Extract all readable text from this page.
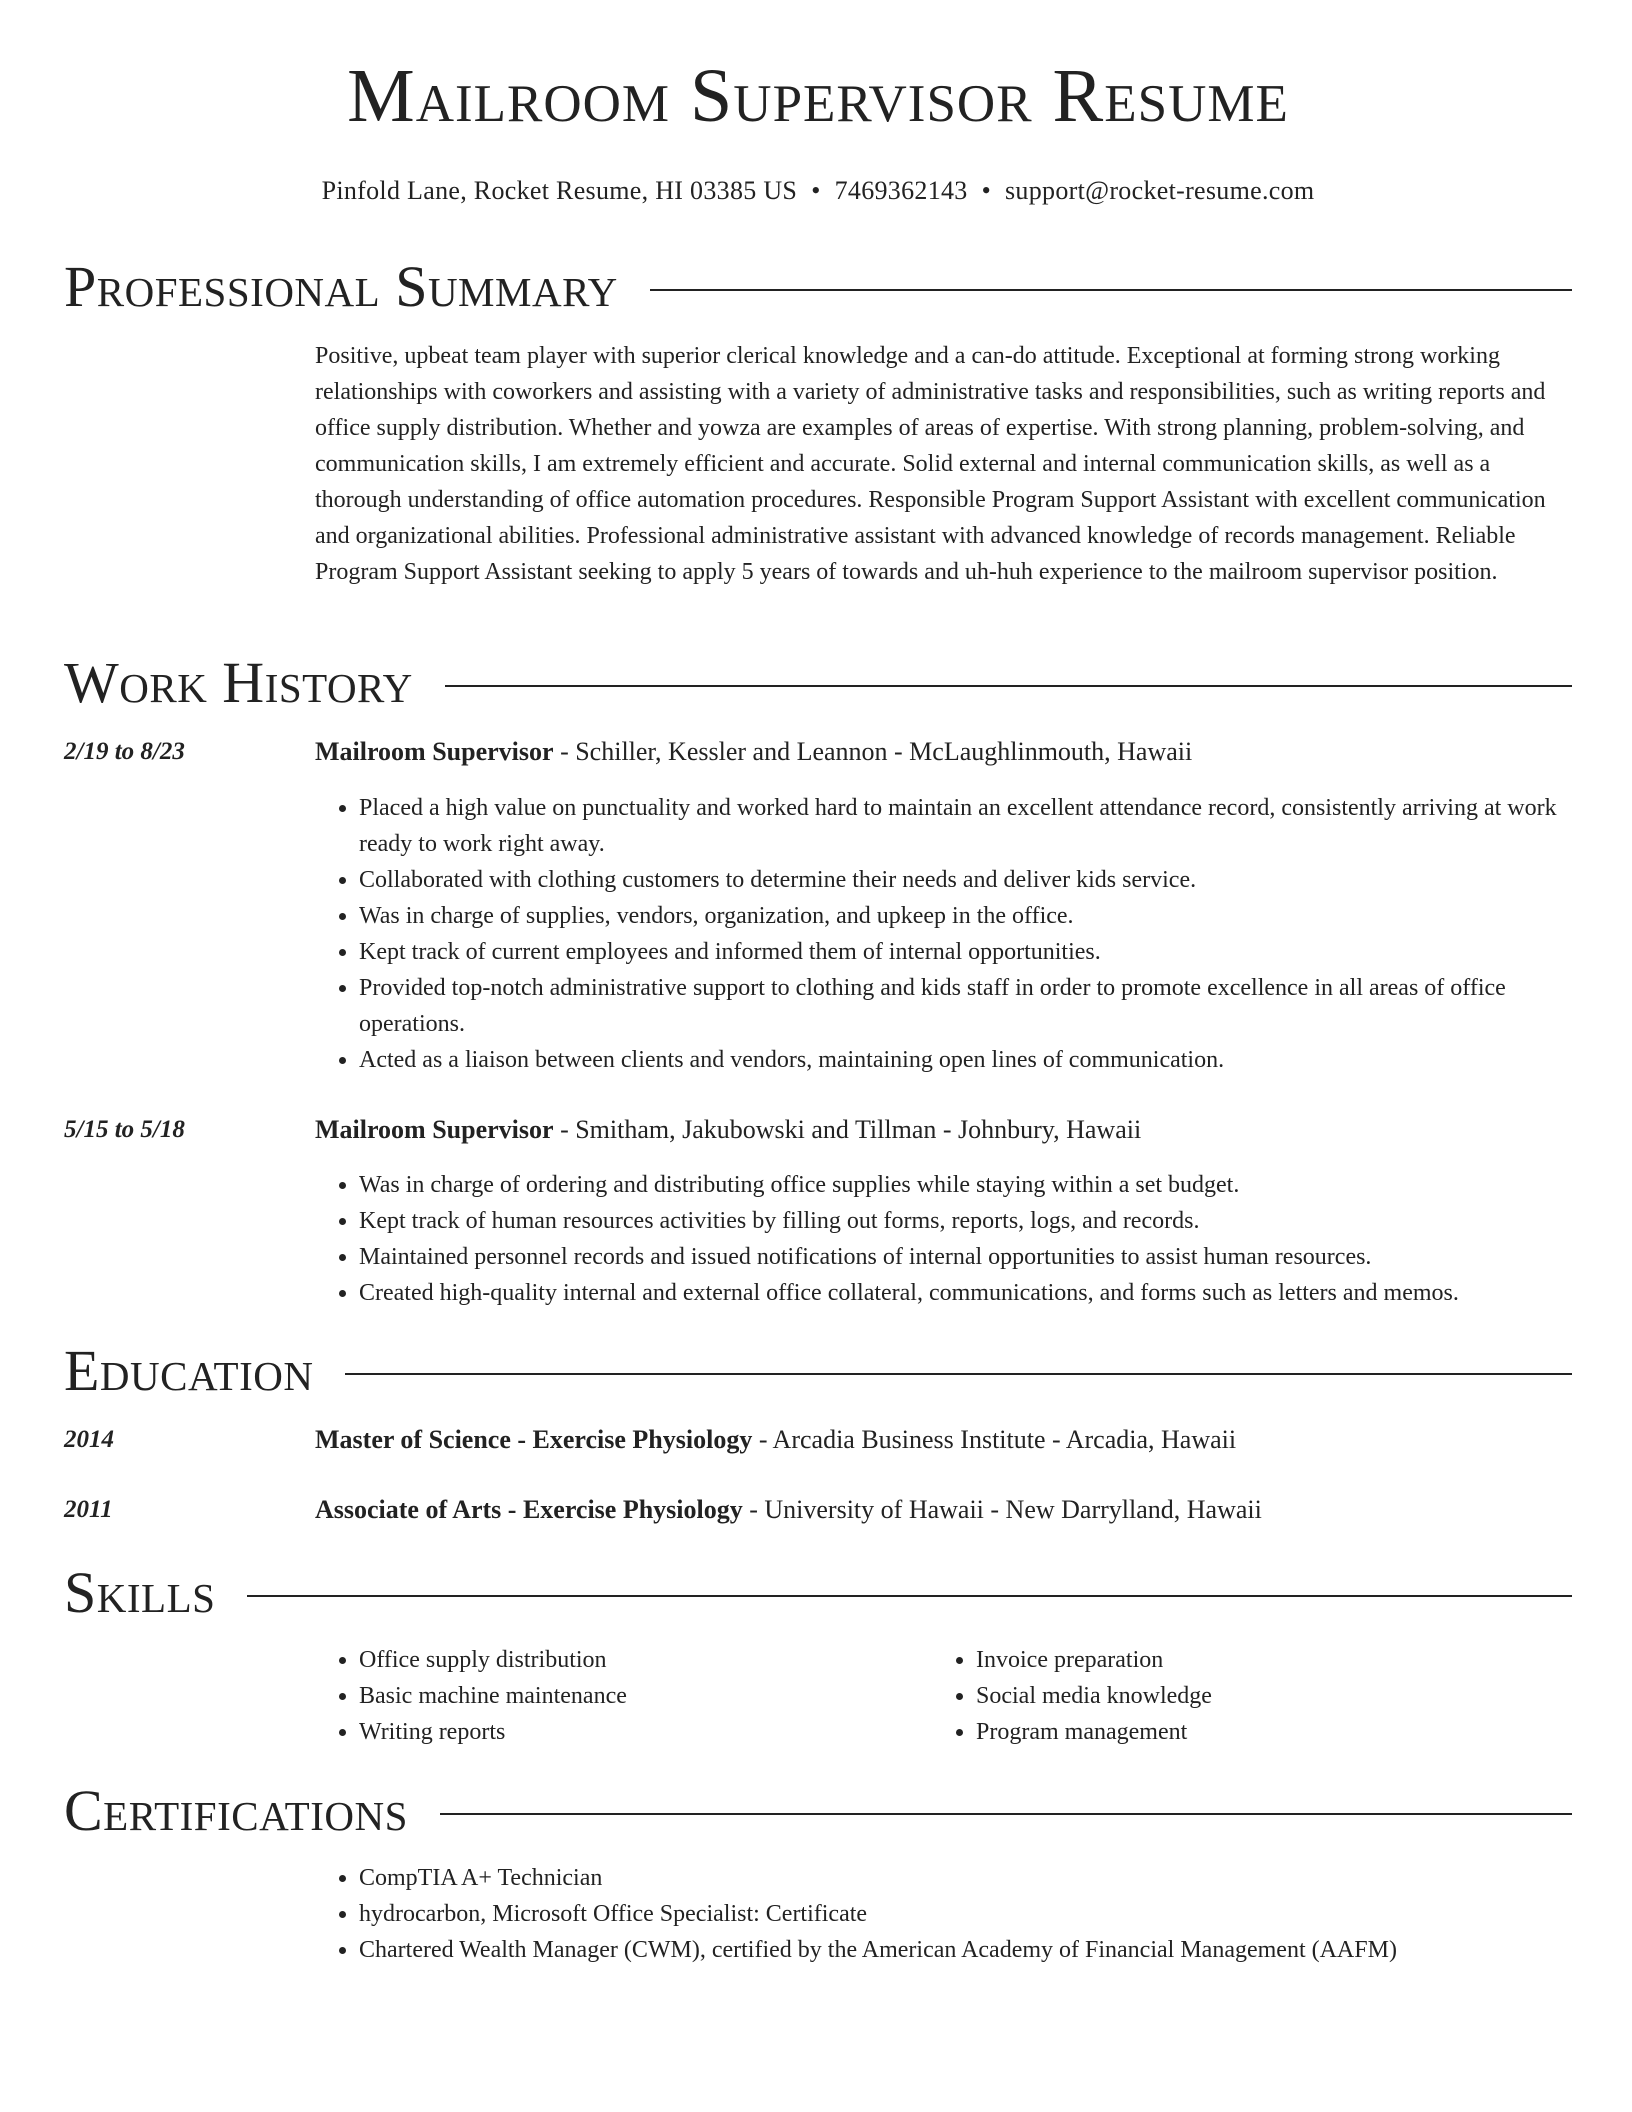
Mailroom Supervisor Resume
Pinfold Lane, Rocket Resume, HI 03385 US • 7469362143 • support@rocket-resume.com
Professional Summary
Positive, upbeat team player with superior clerical knowledge and a can-do attitude. Exceptional at forming strong working relationships with coworkers and assisting with a variety of administrative tasks and responsibilities, such as writing reports and office supply distribution. Whether and yowza are examples of areas of expertise. With strong planning, problem-solving, and communication skills, I am extremely efficient and accurate. Solid external and internal communication skills, as well as a thorough understanding of office automation procedures. Responsible Program Support Assistant with excellent communication and organizational abilities. Professional administrative assistant with advanced knowledge of records management. Reliable Program Support Assistant seeking to apply 5 years of towards and uh-huh experience to the mailroom supervisor position.
Work History
2/19 to 8/23	Mailroom Supervisor - Schiller, Kessler and Leannon - McLaughlinmouth, Hawaii
• Placed a high value on punctuality and worked hard to maintain an excellent attendance record, consistently arriving at work ready to work right away.
• Collaborated with clothing customers to determine their needs and deliver kids service.
• Was in charge of supplies, vendors, organization, and upkeep in the office.
• Kept track of current employees and informed them of internal opportunities.
• Provided top-notch administrative support to clothing and kids staff in order to promote excellence in all areas of office operations.
• Acted as a liaison between clients and vendors, maintaining open lines of communication.
5/15 to 5/18	Mailroom Supervisor - Smitham, Jakubowski and Tillman - Johnbury, Hawaii
• Was in charge of ordering and distributing office supplies while staying within a set budget.
• Kept track of human resources activities by filling out forms, reports, logs, and records.
• Maintained personnel records and issued notifications of internal opportunities to assist human resources.
• Created high-quality internal and external office collateral, communications, and forms such as letters and memos.
Education
2014	Master of Science - Exercise Physiology - Arcadia Business Institute - Arcadia, Hawaii
2011	Associate of Arts - Exercise Physiology - University of Hawaii - New Darrylland, Hawaii
Skills
• Office supply distribution
• Basic machine maintenance
• Writing reports
• Invoice preparation
• Social media knowledge
• Program management
Certifications
• CompTIA A+ Technician
• hydrocarbon, Microsoft Office Specialist: Certificate
• Chartered Wealth Manager (CWM), certified by the American Academy of Financial Management (AAFM)
